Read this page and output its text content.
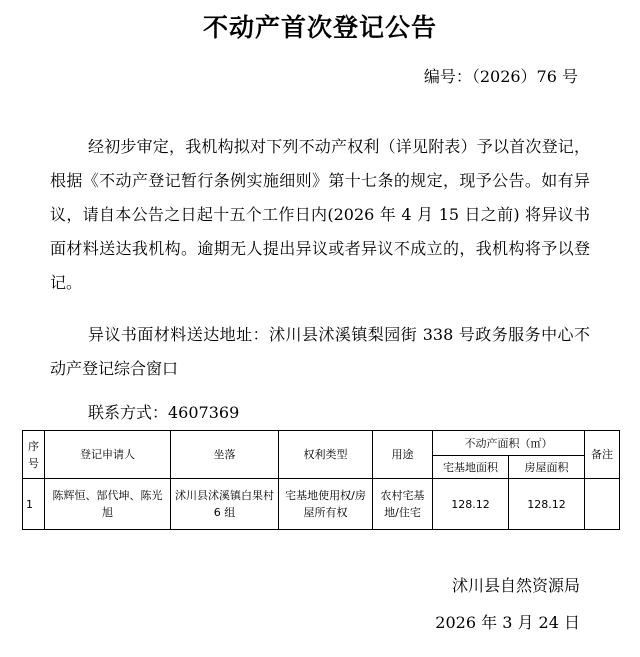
不动产首次登记公告
编号：（2026）76 号
经初步审定，我机构拟对下列不动产权利（详见附表）予以首次登记，根据《不动产登记暂行条例实施细则》第十七条的规定，现予公告。如有异议，请自本公告之日起十五个工作日内(2026 年 4 月 15 日之前) 将异议书面材料送达我机构。逾期无人提出异议或者异议不成立的，我机构将予以登记。
异议书面材料送达地址：沭川县沭溪镇梨园街 338 号政务服务中心不动产登记综合窗口
联系方式：4607369
序号	登记申请人	坐落	权利类型	用途	不动产面积（㎡）		备注
					宅基地面积	房屋面积	
1	陈辉恒、郜代坤、陈光旭	沭川县沭溪镇白果村 6 组	宅基地使用权/房屋所有权	农村宅基地/住宅	128.12	128.12	
沭川县自然资源局
2026 年 3 月 24 日
